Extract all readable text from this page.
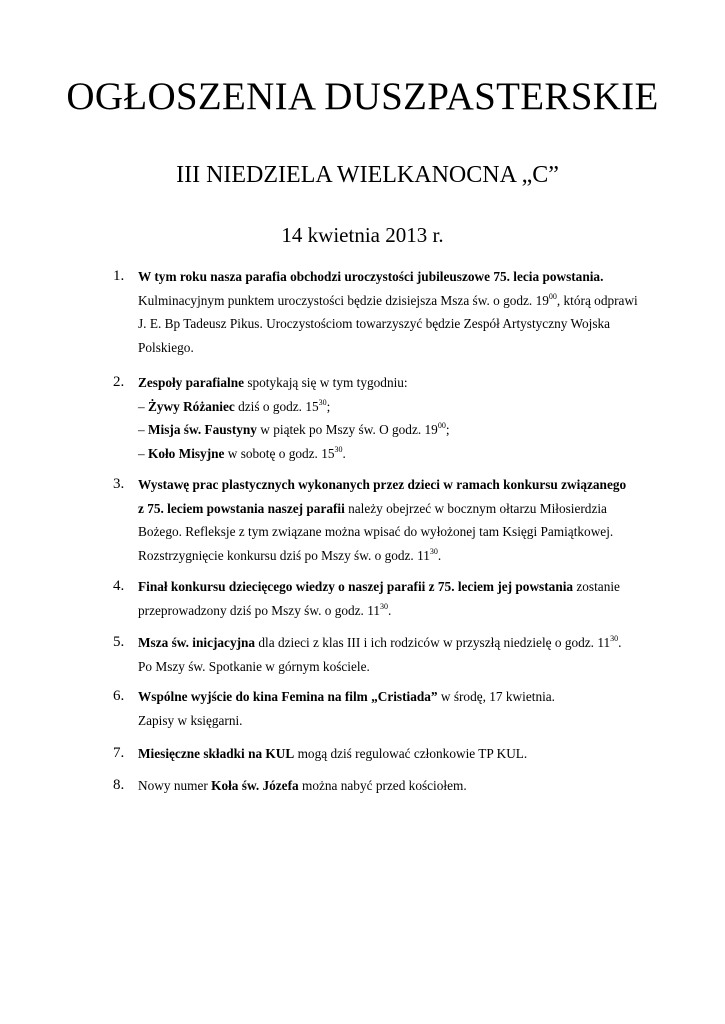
OGŁOSZENIA DUSZPASTERSKIE
III NIEDZIELA WIELKANOCNA „C”
14 kwietnia 2013 r.
1. W tym roku nasza parafia obchodzi uroczystości jubileuszowe 75. lecia powstania.
Kulminacyjnym punktem uroczystości będzie dzisiejsza Msza św. o godz. $19^{00}$, którą odprawi
J. E. Bp Tadeusz Pikus. Uroczystościom towarzyszyć będzie Zespół Artystyczny Wojska
Polskiego.
2. Zespoły parafialne spotykają się w tym tygodniu:
– Żywy Różaniec dziś o godz. $15^{30}$;
– Misja św. Faustyny w piątek po Mszy św. O godz. $19^{00}$;
– Koło Misyjne w sobotę o godz. $15^{30}$.
3. Wystawę prac plastycznych wykonanych przez dzieci w ramach konkursu związanego
z 75. leciem powstania naszej parafii należy obejrzeć w bocznym ołtarzu Miłosierdzia
Bożego. Refleksje z tym związane można wpisać do wyłożonej tam Księgi Pamiątkowej.
Rozstrzygnięcie konkursu dziś po Mszy św. o godz. $11^{30}$.
4. Finał konkursu dziecięcego wiedzy o naszej parafii z 75. leciem jej powstania zostanie
przeprowadzony dziś po Mszy św. o godz. $11^{30}$.
5. Msza św. inicjacyjna dla dzieci z klas III i ich rodziców w przyszłą niedzielę o godz. $11^{30}$.
Po Mszy św. Spotkanie w górnym kościele.
6. Wspólne wyjście do kina Femina na film „Cristiada” w środę, 17 kwietnia.
Zapisy w księgarni.
7. Miesięczne składki na KUL mogą dziś regulować członkowie TP KUL.
8. Nowy numer Koła św. Józefa można nabyć przed kościołem.
